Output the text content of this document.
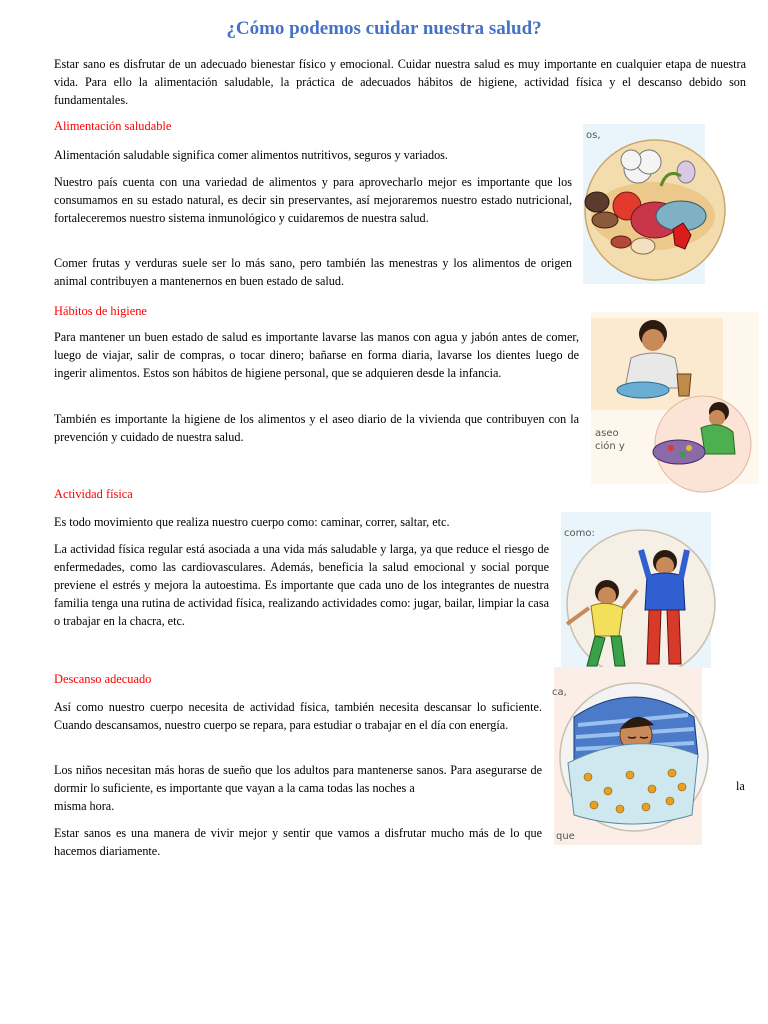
¿Cómo podemos cuidar nuestra salud?

Estar sano es disfrutar de un adecuado bienestar físico y emocional. Cuidar nuestra salud es muy importante en cualquier etapa de nuestra vida. Para ello la alimentación saludable, la práctica de adecuados hábitos de higiene, actividad física y el descanso debido son fundamentales.

Alimentación saludable

Alimentación saludable significa comer alimentos nutritivos, seguros y variados.

Nuestro país cuenta con una variedad de alimentos y para aprovecharlo mejor es importante que los consumamos en su estado natural, es decir sin preservantes, así mejoraremos nuestro estado nutricional, fortaleceremos nuestro sistema inmunológico y cuidaremos de nuestra salud.

Comer frutas y verduras suele ser lo más sano, pero también las menestras y los alimentos de origen animal contribuyen a mantenernos en buen estado de salud.

os,

Hábitos de higiene

Para mantener un buen estado de salud es importante lavarse las manos con agua y jabón antes de comer, luego de viajar, salir de compras, o tocar dinero; bañarse en forma diaria, lavarse los dientes luego de ingerir alimentos. Estos son hábitos de higiene personal, que se adquieren desde la infancia.

También es importante la higiene de los alimentos y el aseo diario de la vivienda que contribuyen con la prevención y cuidado de nuestra salud.	aseo
ción y

Actividad física

Es todo movimiento que realiza nuestro cuerpo como: caminar, correr, saltar, etc.

La actividad física regular está asociada a una vida más saludable y larga, ya que reduce el riesgo de enfermedades, como las cardiovasculares. Además, beneficia la salud emocional y social porque previene el estrés y mejora la autoestima. Es importante que cada uno de los integrantes de nuestra familia tenga una rutina de actividad física, realizando actividades como: jugar, bailar, limpiar la casa o trabajar en la chacra, etc.

como:

Descanso adecuado

Así como nuestro cuerpo necesita de actividad física, también necesita descansar lo suficiente. Cuando descansamos, nuestro cuerpo se repara, para estudiar o trabajar en el día con energía.

Los niños necesitan más horas de sueño que los adultos para mantenerse sanos. Para asegurarse de dormir lo suficiente, es importante que vayan a la cama todas las noches a	la

misma hora.

Estar sanos es una manera de vivir mejor y sentir que vamos a disfrutar mucho más de lo que hacemos diariamente.

ca,
que
